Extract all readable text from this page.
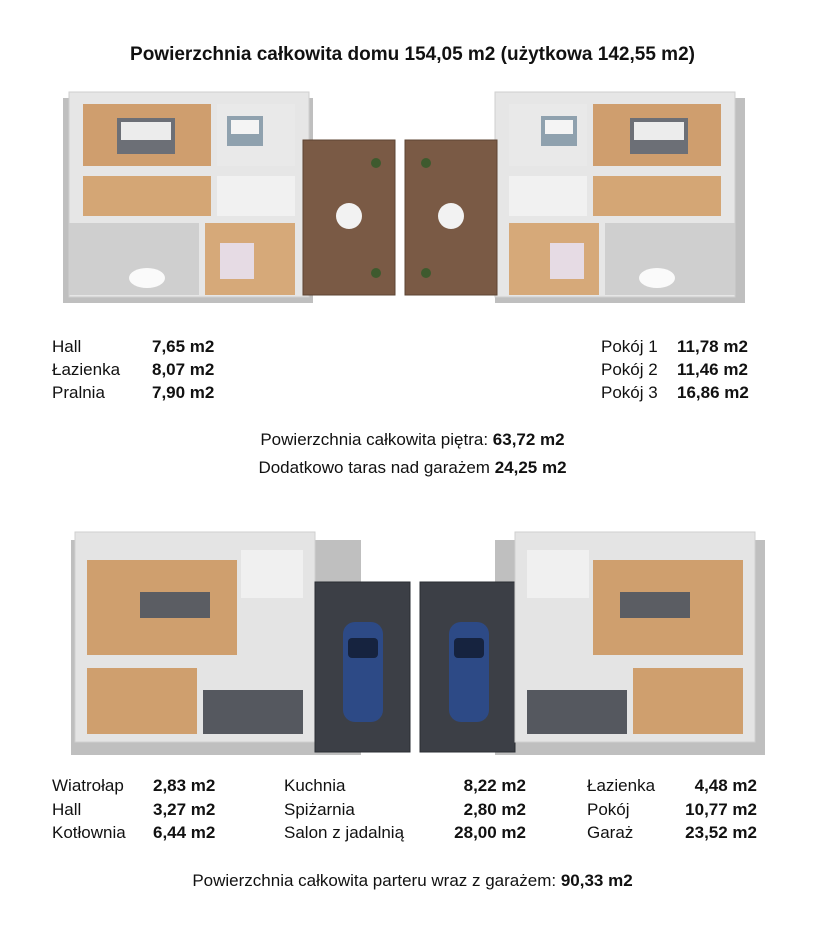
Powierzchnia całkowita domu 154,05 m2 (użytkowa 142,55 m2)
Hall	7,65 m2
Łazienka 8,07 m2
Pralnia	7,90 m2
Pokój 1 11,78 m2
Pokój 2 11,46 m2
Pokój 3 16,86 m2
Powierzchnia całkowita piętra: 63,72 m2
Dodatkowo taras nad garażem 24,25 m2
Wiatrołap 2,83 m2
Hall	3,27 m2
Kotłownia 6,44 m2
Kuchnia	8,22 m2
Spiżarnia	2,80 m2
Salon z jadalnią	28,00 m2
Łazienka 4,48 m2
Pokój	10,77 m2
Garaż	23,52 m2
Powierzchnia całkowita parteru wraz z garażem: 90,33 m2
